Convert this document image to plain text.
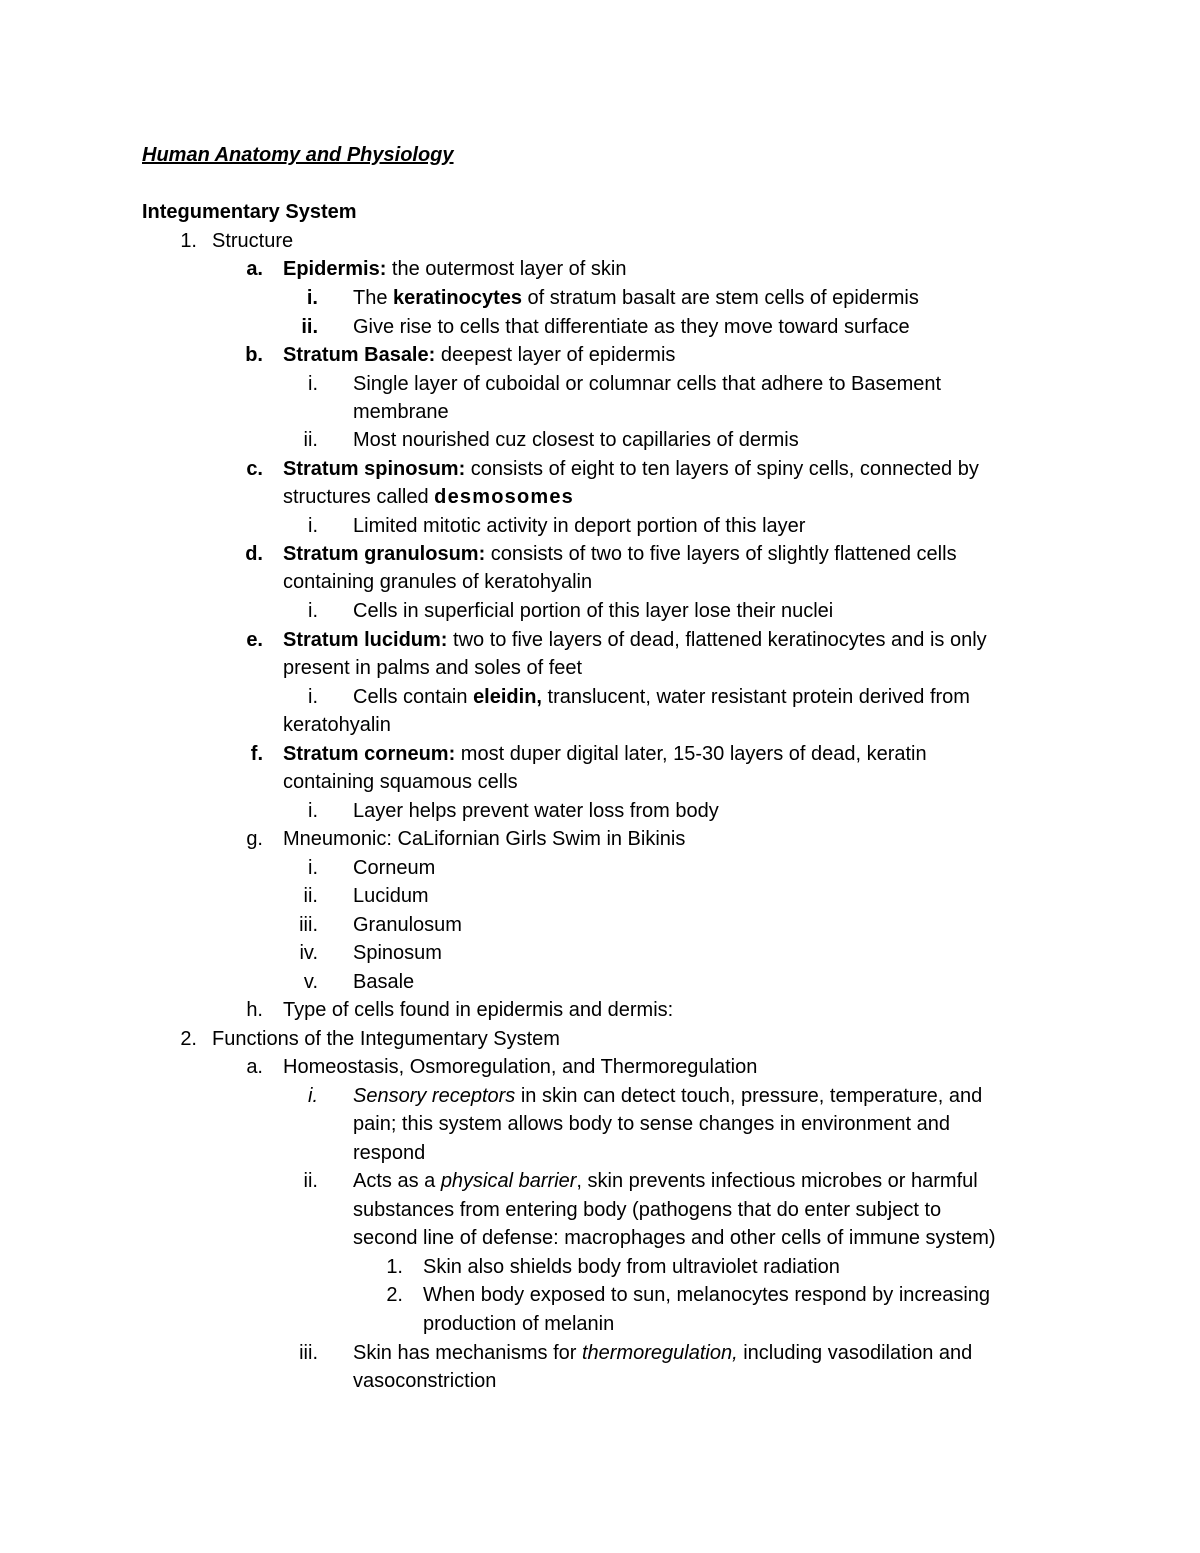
Human Anatomy and Physiology
Integumentary System
1. Structure
a. Epidermis: the outermost layer of skin
i. The keratinocytes of stratum basalt are stem cells of epidermis
ii. Give rise to cells that differentiate as they move toward surface
b. Stratum Basale: deepest layer of epidermis
i. Single layer of cuboidal or columnar cells that adhere to Basement
membrane
ii. Most nourished cuz closest to capillaries of dermis
c. Stratum spinosum: consists of eight to ten layers of spiny cells, connected by
structures called desmosomes
i. Limited mitotic activity in deport portion of this layer
d. Stratum granulosum: consists of two to five layers of slightly flattened cells
containing granules of keratohyalin
i. Cells in superficial portion of this layer lose their nuclei
e. Stratum lucidum: two to five layers of dead, flattened keratinocytes and is only
present in palms and soles of feet
i. Cells contain eleidin, translucent, water resistant protein derived from
keratohyalin
f. Stratum corneum: most duper digital later, 15-30 layers of dead, keratin
containing squamous cells
i. Layer helps prevent water loss from body
g. Mneumonic: CaLifornian Girls Swim in Bikinis
i. Corneum
ii. Lucidum
iii. Granulosum
iv. Spinosum
v. Basale
h. Type of cells found in epidermis and dermis:
2. Functions of the Integumentary System
a. Homeostasis, Osmoregulation, and Thermoregulation
i. Sensory receptors in skin can detect touch, pressure, temperature, and
pain; this system allows body to sense changes in environment and
respond
ii. Acts as a physical barrier, skin prevents infectious microbes or harmful
substances from entering body (pathogens that do enter subject to
second line of defense: macrophages and other cells of immune system)
1. Skin also shields body from ultraviolet radiation
2. When body exposed to sun, melanocytes respond by increasing
production of melanin
iii. Skin has mechanisms for thermoregulation, including vasodilation and
vasoconstriction
